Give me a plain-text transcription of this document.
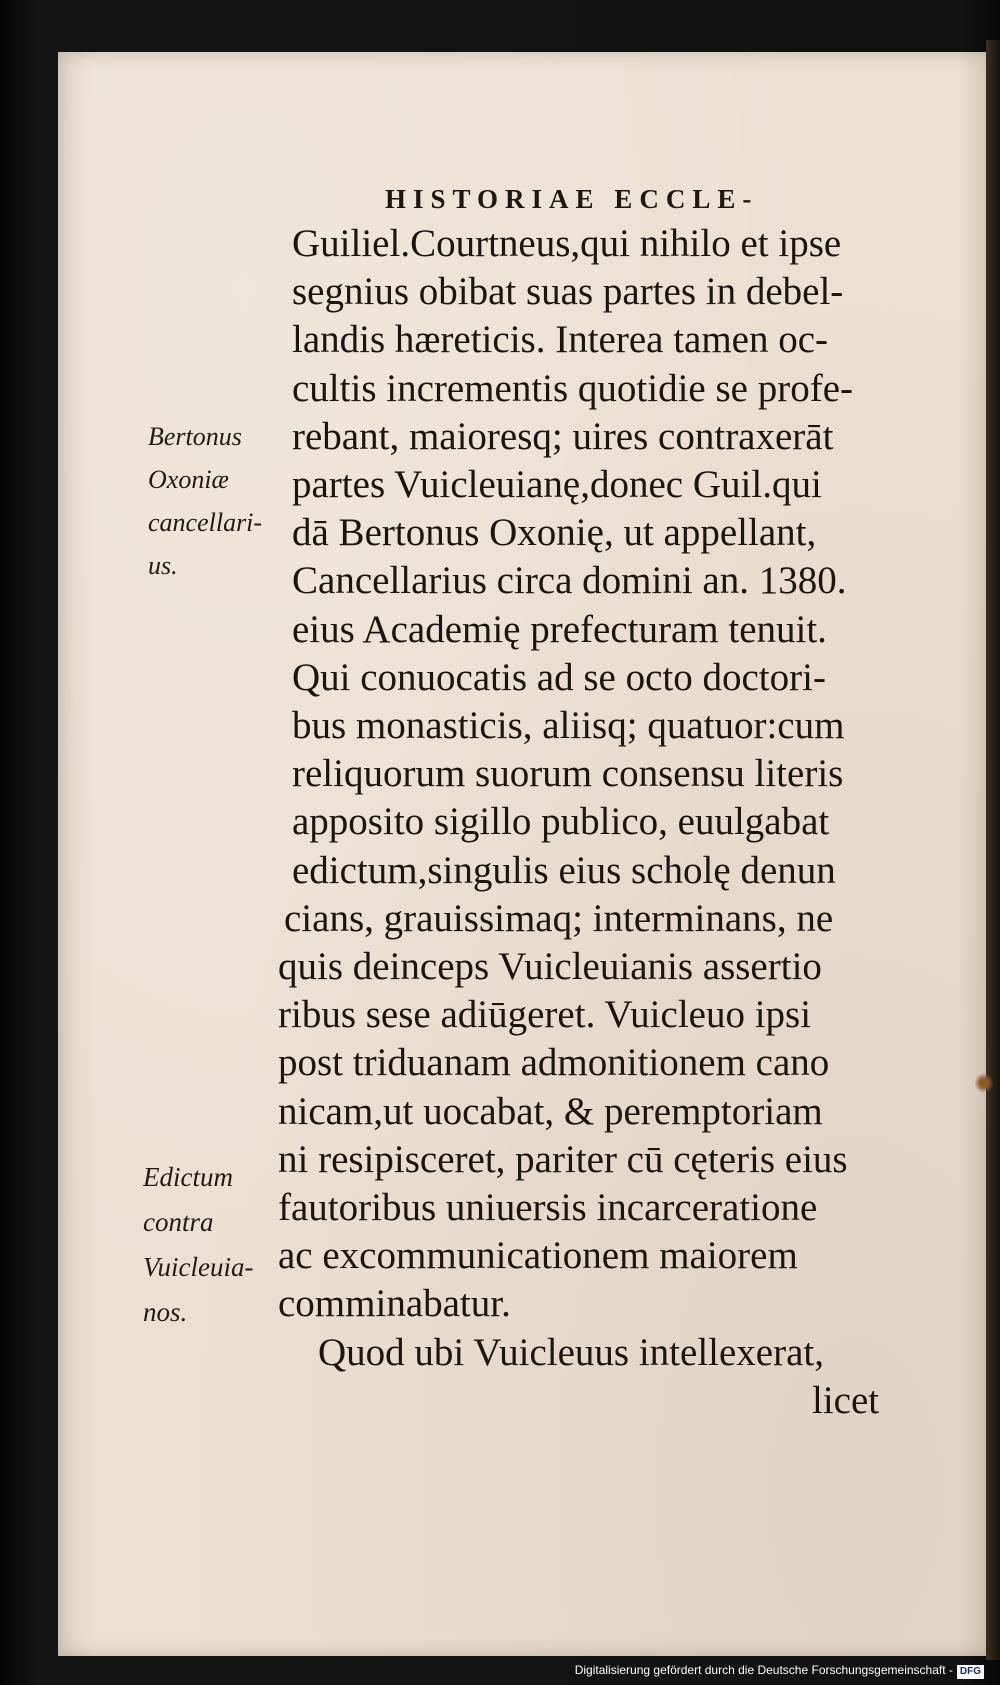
HISTORIAE ECCLE-
Guiliel.Courtneus,qui nihilo et ipse
segnius obibat suas partes in debel-
landis hæreticis. Interea tamen oc-
cultis incrementis quotidie se profe-
rebant, maioresq; uires contraxerāt
partes Vuicleuianę,donec Guil.qui
dā Bertonus Oxonię, ut appellant,
Cancellarius circa domini an. 1380.
eius Academię prefecturam tenuit.
Qui conuocatis ad se octo doctori-
bus monasticis, aliisq; quatuor:cum
reliquorum suorum consensu literis
apposito sigillo publico, euulgabat
edictum,singulis eius scholę denun
cians, grauissimaq; interminans, ne
quis deinceps Vuicleuianis assertio
ribus sese adiūgeret. Vuicleuo ipsi
post triduanam admonitionem cano
nicam,ut uocabat, & peremptoriam
ni resipisceret, pariter cū cęteris eius
fautoribus uniuersis incarceratione
ac excommunicationem maiorem
comminabatur.
Quod ubi Vuicleuus intellexerat,
licet
Bertonus
Oxoniæ
cancellari-
us.
Edictum
contra
Vuicleuia-
nos.
Digitalisierung gefördert durch die Deutsche Forschungsgemeinschaft - DFG
